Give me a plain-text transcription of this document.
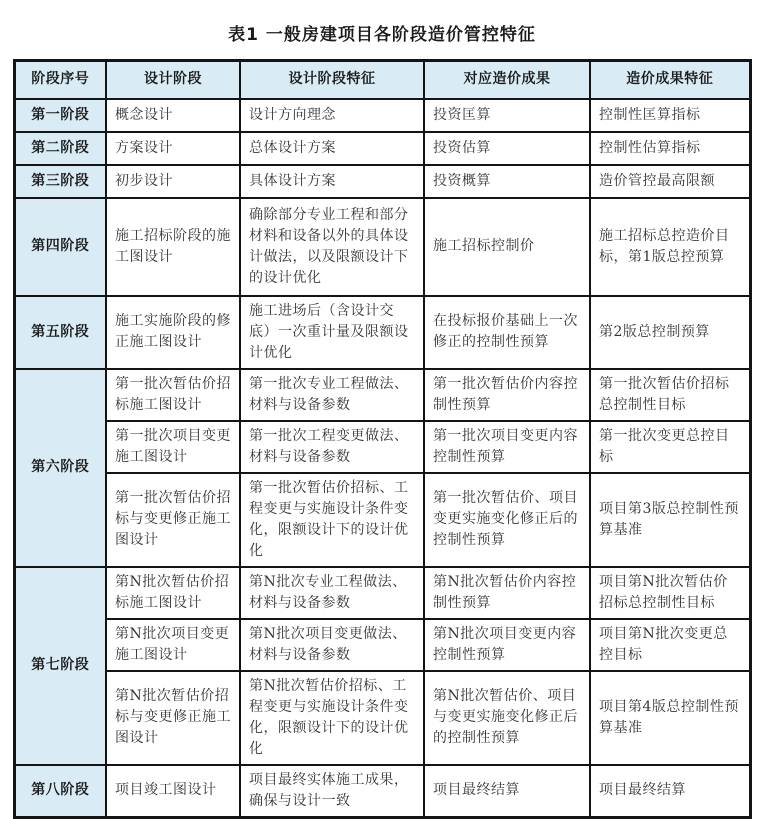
表1 一般房建项目各阶段造价管控特征
阶段序号	设计阶段	设计阶段特征	对应造价成果	造价成果特征
第一阶段	概念设计	设计方向理念	投资匡算	控制性匡算指标
第二阶段	方案设计	总体设计方案	投资估算	控制性估算指标
第三阶段	初步设计	具体设计方案	投资概算	造价管控最高限额
第四阶段	施工招标阶段的施工图设计	确除部分专业工程和部分材料和设备以外的具体设计做法，以及限额设计下的设计优化	施工招标控制价	施工招标总控造价目标，第1版总控预算
第五阶段	施工实施阶段的修正施工图设计	施工进场后（含设计交底）一次重计量及限额设计优化	在投标报价基础上一次修正的控制性预算	第2版总控制预算
第六阶段	第一批次暂估价招标施工图设计	第一批次专业工程做法、材料与设备参数	第一批次暂估价内容控制性预算	第一批次暂估价招标总控制性目标
	第一批次项目变更施工图设计	第一批次工程变更做法、材料与设备参数	第一批次项目变更内容控制性预算	第一批次变更总控目标
	第一批次暂估价招标与变更修正施工图设计	第一批次暂估价招标、工程变更与实施设计条件变化，限额设计下的设计优化	第一批次暂估价、项目变更实施变化修正后的控制性预算	项目第3版总控制性预算基准
第七阶段	第N批次暂估价招标施工图设计	第N批次专业工程做法、材料与设备参数	第N批次暂估价内容控制性预算	项目第N批次暂估价招标总控制性目标
	第N批次项目变更施工图设计	第N批次项目变更做法、材料与设备参数	第N批次项目变更内容控制性预算	项目第N批次变更总控目标
	第N批次暂估价招标与变更修正施工图设计	第N批次暂估价招标、工程变更与实施设计条件变化，限额设计下的设计优化	第N批次暂估价、项目与变更实施变化修正后的控制性预算	项目第4版总控制性预算基准
第八阶段	项目竣工图设计	项目最终实体施工成果，确保与设计一致	项目最终结算	项目最终结算
